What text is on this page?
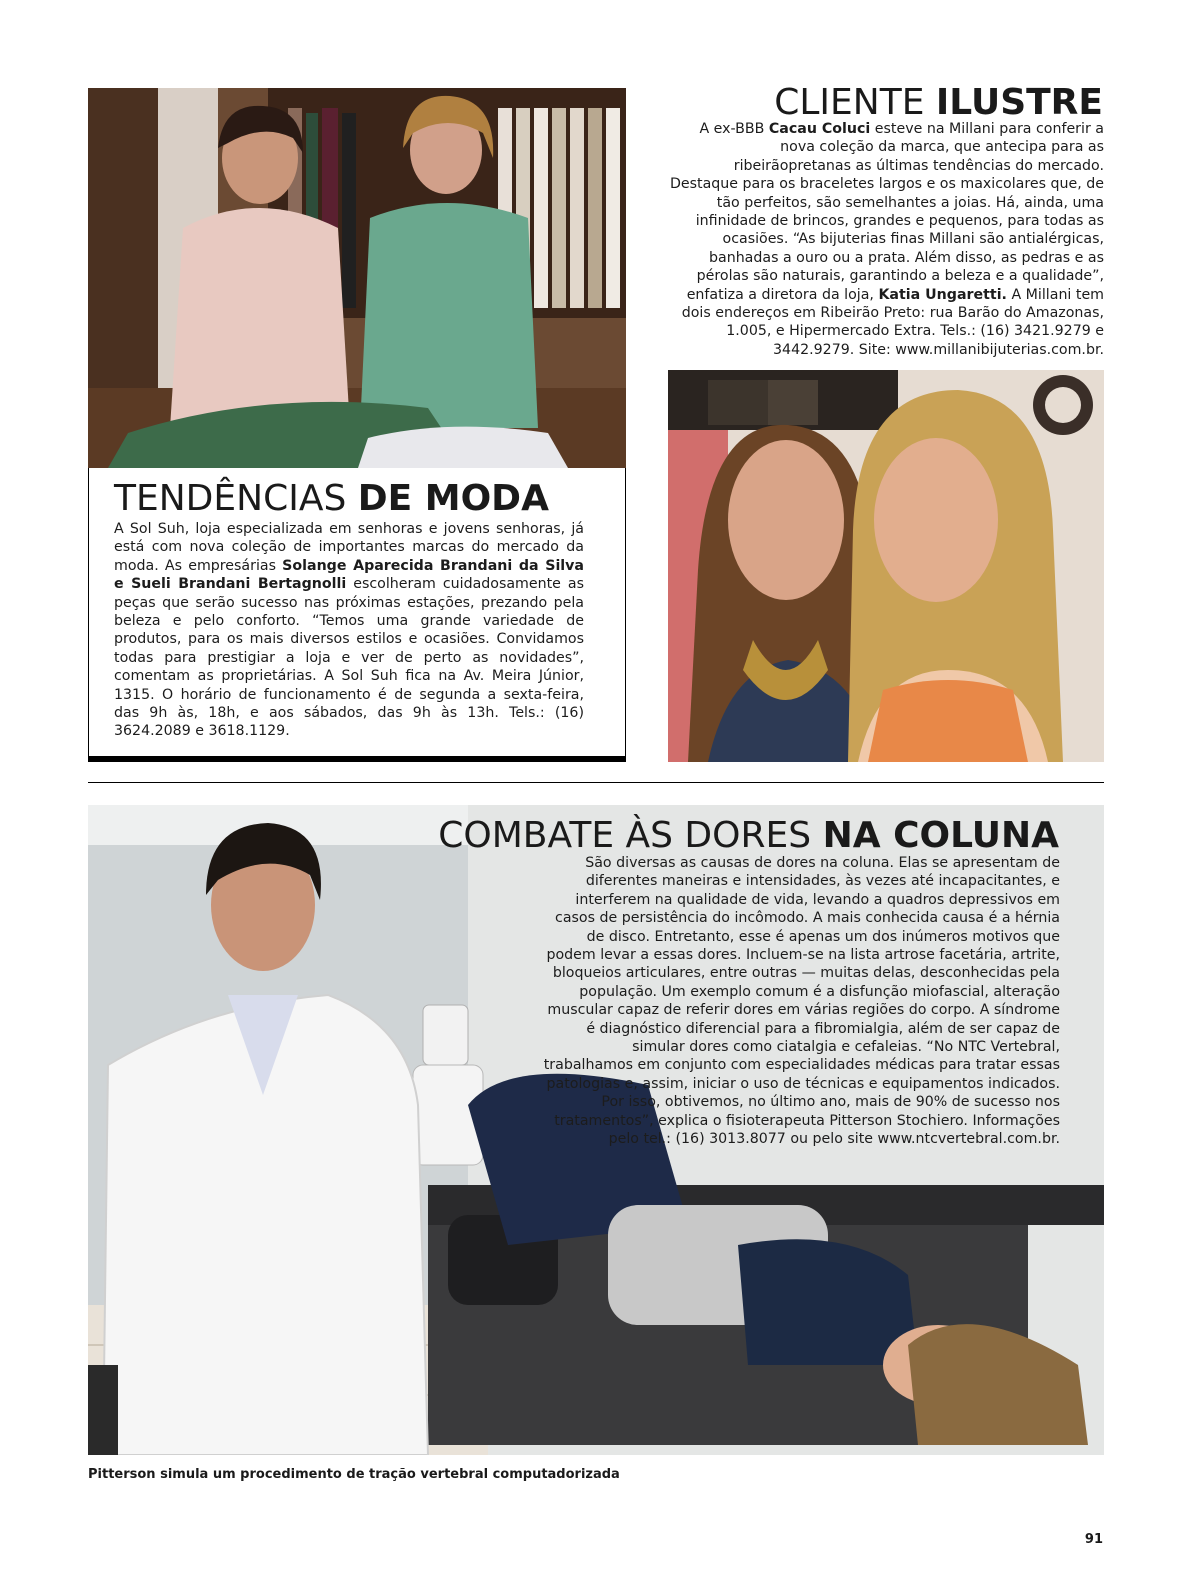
TENDÊNCIAS DE MODA

A Sol Suh, loja especializada em senhoras e jovens senhoras, já está com nova coleção de importantes marcas do mercado da moda. As empresárias Solange Aparecida Brandani da Silva e Sueli Brandani Bertagnolli escolheram cuidadosamente as peças que serão sucesso nas próximas estações, prezando pela beleza e pelo conforto. “Temos uma grande variedade de produtos, para os mais diversos estilos e ocasiões. Convidamos todas para prestigiar a loja e ver de perto as novidades”, comentam as proprietárias. A Sol Suh fica na Av. Meira Júnior, 1315. O horário de funcionamento é de segunda a sexta-feira, das 9h às, 18h, e aos sábados, das 9h às 13h. Tels.: (16) 3624.2089 e 3618.1129.

CLIENTE ILUSTRE

A ex-BBB Cacau Coluci esteve na Millani para conferir a nova coleção da marca, que antecipa para as ribeirãopretanas as últimas tendências do mercado. Destaque para os braceletes largos e os maxicolares que, de tão perfeitos, são semelhantes a joias. Há, ainda, uma infinidade de brincos, grandes e pequenos, para todas as ocasiões. “As bijuterias finas Millani são antialérgicas, banhadas a ouro ou a prata. Além disso, as pedras e as pérolas são naturais, garantindo a beleza e a qualidade”, enfatiza a diretora da loja, Katia Ungaretti. A Millani tem dois endereços em Ribeirão Preto: rua Barão do Amazonas, 1.005, e Hipermercado Extra. Tels.: (16) 3421.9279 e 3442.9279. Site: www.millanibijuterias.com.br.

COMBATE ÀS DORES NA COLUNA

São diversas as causas de dores na coluna. Elas se apresentam de diferentes maneiras e intensidades, às vezes até incapacitantes, e interferem na qualidade de vida, levando a quadros depressivos em casos de persistência do incômodo. A mais conhecida causa é a hérnia de disco. Entretanto, esse é apenas um dos inúmeros motivos que podem levar a essas dores. Incluem-se na lista artrose facetária, artrite, bloqueios articulares, entre outras — muitas delas, desconhecidas pela população. Um exemplo comum é a disfunção miofascial, alteração muscular capaz de referir dores em várias regiões do corpo. A síndrome é diagnóstico diferencial para a fibromialgia, além de ser capaz de simular dores como ciatalgia e cefaleias. “No NTC Vertebral, trabalhamos em conjunto com especialidades médicas para tratar essas patologias e, assim, iniciar o uso de técnicas e equipamentos indicados. Por isso, obtivemos, no último ano, mais de 90% de sucesso nos tratamentos”, explica o fisioterapeuta Pitterson Stochiero. Informações pelo tel.: (16) 3013.8077 ou pelo site www.ntcvertebral.com.br.

Pitterson simula um procedimento de tração vertebral computadorizada
91
